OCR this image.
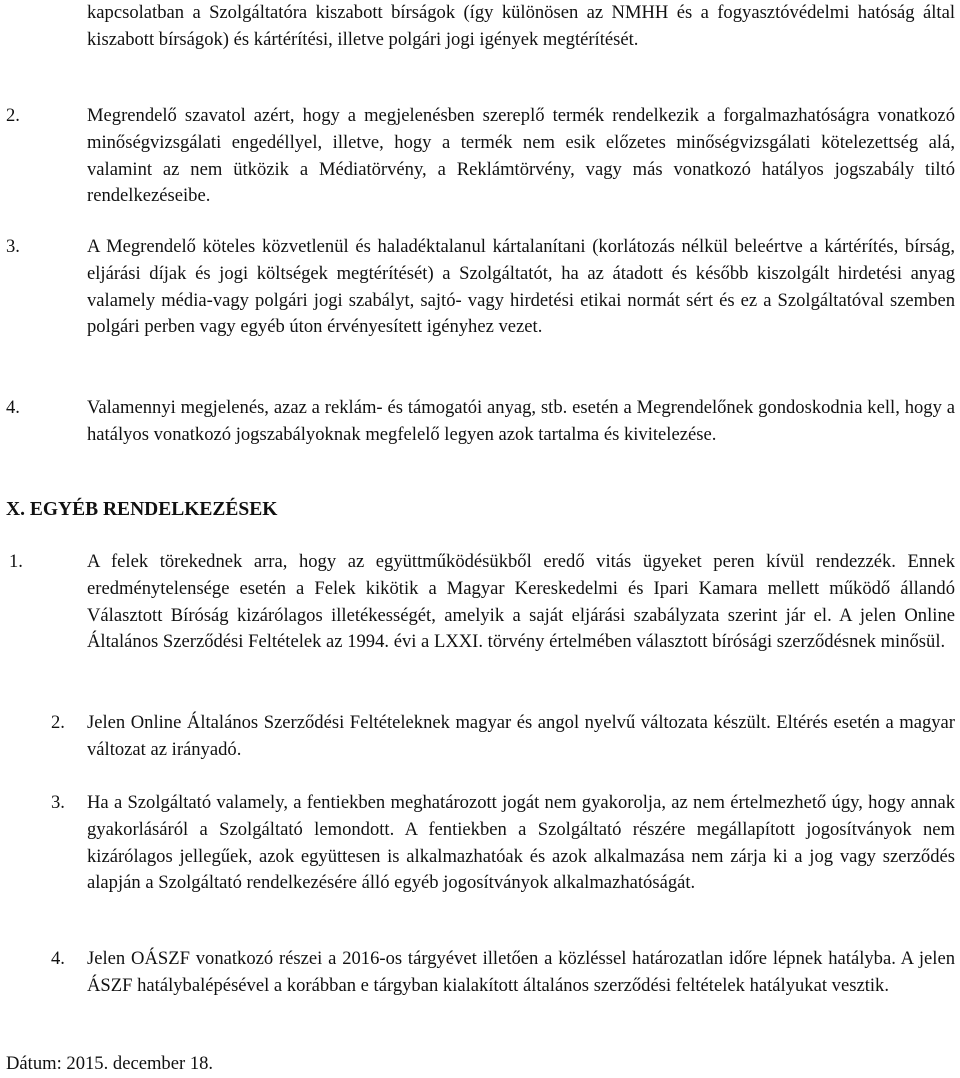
kapcsolatban a Szolgáltatóra kiszabott bírságok (így különösen az NMHH és a fogyasztóvédelmi hatóság által kiszabott bírságok) és kártérítési, illetve polgári jogi igények megtérítését.

2.	Megrendelő szavatol azért, hogy a megjelenésben szereplő termék rendelkezik a forgalmazhatóságra vonatkozó minőségvizsgálati engedéllyel, illetve, hogy a termék nem esik előzetes minőségvizsgálati kötelezettség alá, valamint az nem ütközik a Médiatörvény, a Reklámtörvény, vagy más vonatkozó hatályos jogszabály tiltó rendelkezéseibe.

3.	A Megrendelő köteles közvetlenül és haladéktalanul kártalanítani (korlátozás nélkül beleértve a kártérítés, bírság, eljárási díjak és jogi költségek megtérítését) a Szolgáltatót, ha az átadott és később kiszolgált hirdetési anyag valamely média-vagy polgári jogi szabályt, sajtó- vagy hirdetési etikai normát sért és ez a Szolgáltatóval szemben polgári perben vagy egyéb úton érvényesített igényhez vezet.

4.	Valamennyi megjelenés, azaz a reklám- és támogatói anyag, stb. esetén a Megrendelőnek gondoskodnia kell, hogy a hatályos vonatkozó jogszabályoknak megfelelő legyen azok tartalma és kivitelezése.

X. EGYÉB RENDELKEZÉSEK
1.	A felek törekednek arra, hogy az együttműködésükből eredő vitás ügyeket peren kívül rendezzék. Ennek eredménytelensége esetén a Felek kikötik a Magyar Kereskedelmi és Ipari Kamara mellett működő állandó Választott Bíróság kizárólagos illetékességét, amelyik a saját eljárási szabályzata szerint jár el. A jelen Online Általános Szerződési Feltételek az 1994. évi a LXXI. törvény értelmében választott bírósági szerződésnek minősül.

2. Jelen Online Általános Szerződési Feltételeknek magyar és angol nyelvű változata készült. Eltérés esetén a magyar változat az irányadó.

3. Ha a Szolgáltató valamely, a fentiekben meghatározott jogát nem gyakorolja, az nem értelmezhető úgy, hogy annak gyakorlásáról a Szolgáltató lemondott. A fentiekben a Szolgáltató részére megállapított jogosítványok nem kizárólagos jellegűek, azok együttesen is alkalmazhatóak és azok alkalmazása nem zárja ki a jog vagy szerződés alapján a Szolgáltató rendelkezésére álló egyéb jogosítványok alkalmazhatóságát.

4. Jelen OÁSZF vonatkozó részei a 2016-os tárgyévet illetően a közléssel határozatlan időre lépnek hatályba. A jelen ÁSZF hatálybalépésével a korábban e tárgyban kialakított általános szerződési feltételek hatályukat vesztik.

Dátum: 2015. december 18.
